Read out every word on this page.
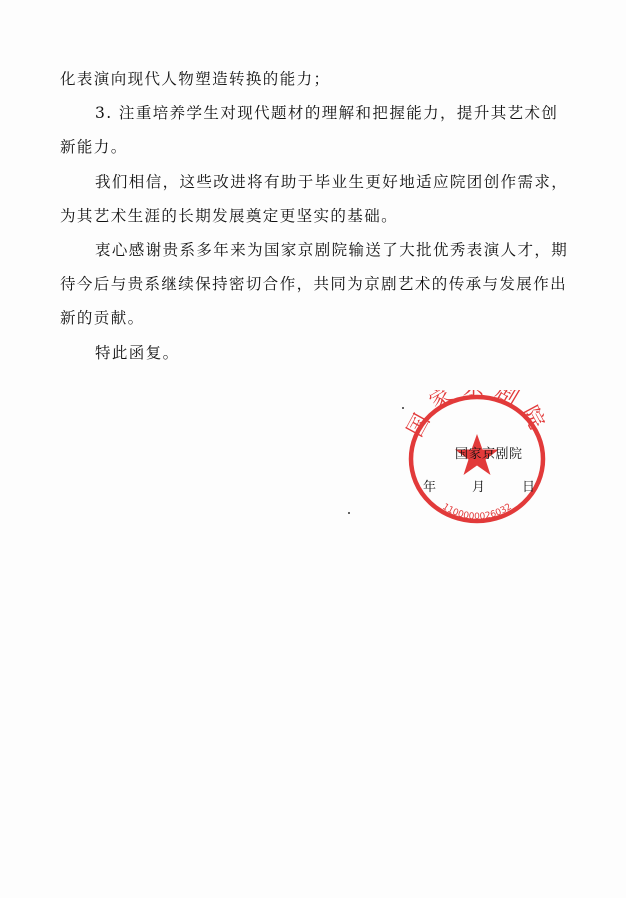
化表演向现代人物塑造转换的能力；
3. 注重培养学生对现代题材的理解和把握能力，提升其艺术创
新能力。
我们相信，这些改进将有助于毕业生更好地适应院团创作需求，
为其艺术生涯的长期发展奠定更坚实的基础。
衷心感谢贵系多年来为国家京剧院输送了大批优秀表演人才，期
待今后与贵系继续保持密切合作，共同为京剧艺术的传承与发展作出
新的贡献。
特此函复。
国家 剧院
1100000026032
国家京剧院
年	月	日
